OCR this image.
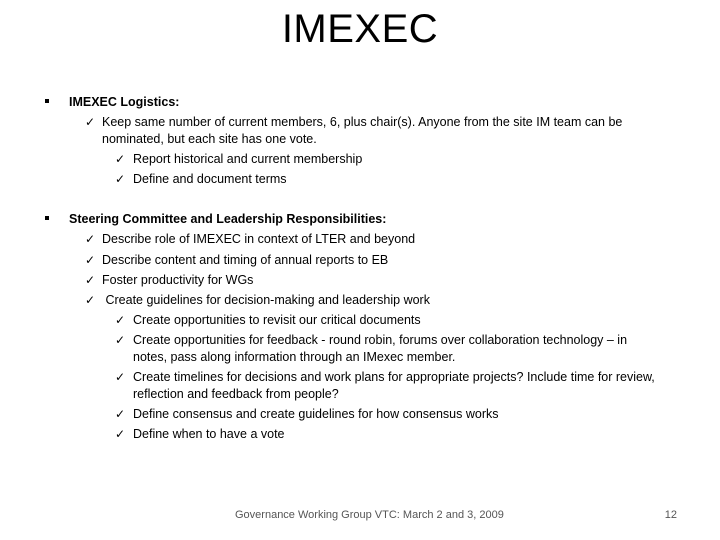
IMEXEC
IMEXEC Logistics:
✓ Keep same number of current members, 6, plus chair(s). Anyone from the site IM team can be
nominated, but each site has one vote.
✓ Report historical and current membership
✓ Define and document terms
Steering Committee and Leadership Responsibilities:
✓ Describe role of IMEXEC in context of LTER and beyond
✓ Describe content and timing of annual reports to EB
✓ Foster productivity for WGs
✓ Create guidelines for decision-making and leadership work
✓ Create opportunities to revisit our critical documents
✓ Create opportunities for feedback - round robin, forums over collaboration technology – in
notes, pass along information through an IMexec member.
✓ Create timelines for decisions and work plans for appropriate projects? Include time for review,
reflection and feedback from people?
✓ Define consensus and create guidelines for how consensus works
✓ Define when to have a vote
Governance Working Group VTC: March 2 and 3, 2009	12
